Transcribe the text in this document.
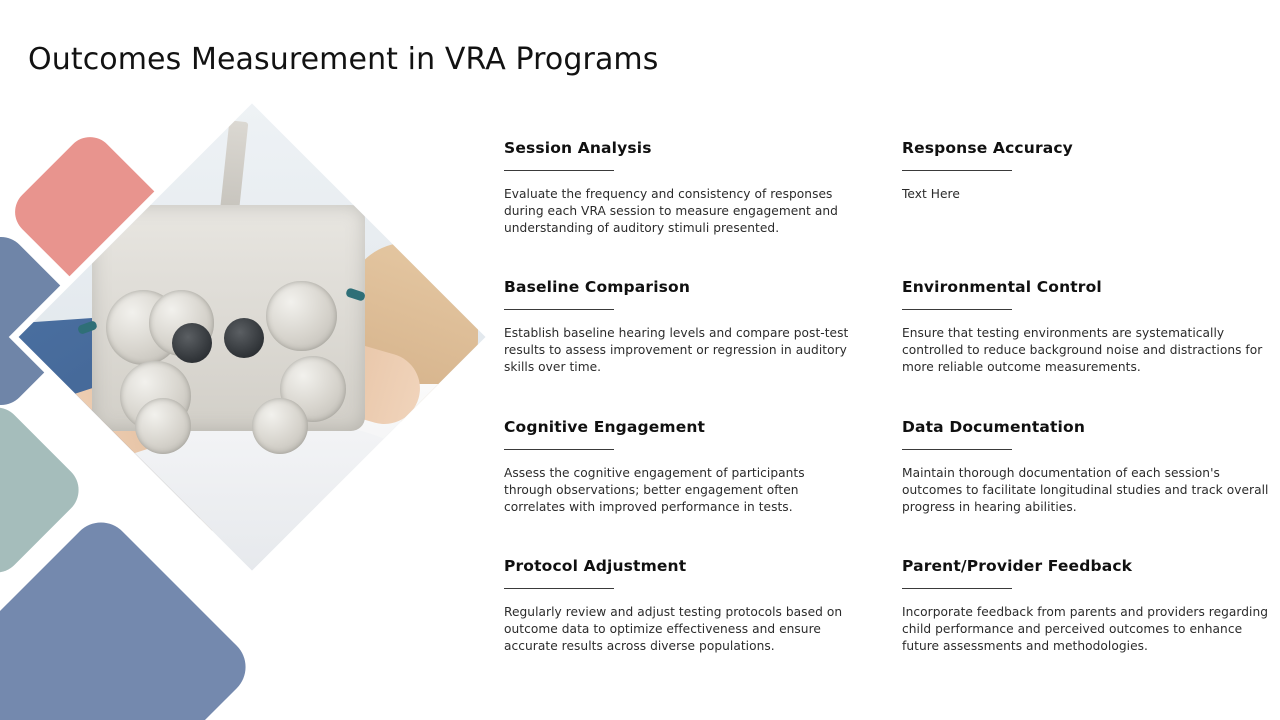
Outcomes Measurement in VRA Programs
Session Analysis
Evaluate the frequency and consistency of responses during each VRA session to measure engagement and understanding of auditory stimuli presented.
Baseline Comparison
Establish baseline hearing levels and compare post-test results to assess improvement or regression in auditory skills over time.
Cognitive Engagement
Assess the cognitive engagement of participants through observations; better engagement often correlates with improved performance in tests.
Protocol Adjustment
Regularly review and adjust testing protocols based on outcome data to optimize effectiveness and ensure accurate results across diverse populations.
Response Accuracy
Text Here
Environmental Control
Ensure that testing environments are systematically controlled to reduce background noise and distractions for more reliable outcome measurements.
Data Documentation
Maintain thorough documentation of each session's outcomes to facilitate longitudinal studies and track overall progress in hearing abilities.
Parent/Provider Feedback
Incorporate feedback from parents and providers regarding child performance and perceived outcomes to enhance future assessments and methodologies.
